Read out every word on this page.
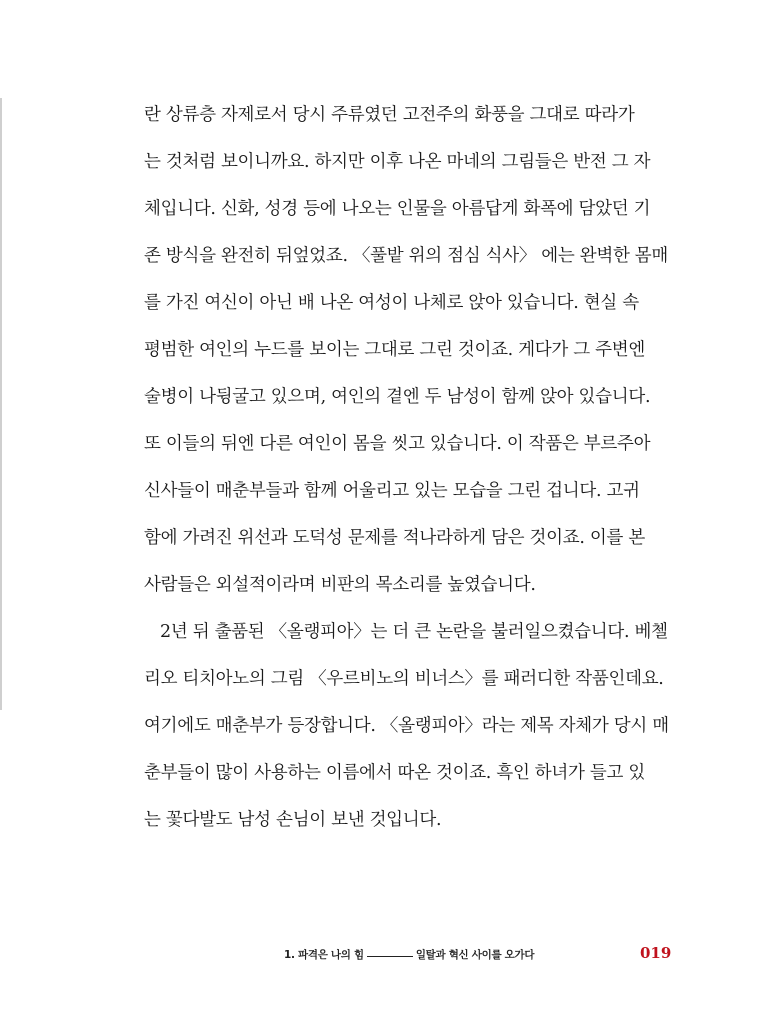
란 상류층 자제로서 당시 주류였던 고전주의 화풍을 그대로 따라가
는 것처럼 보이니까요. 하지만 이후 나온 마네의 그림들은 반전 그 자
체입니다. 신화, 성경 등에 나오는 인물을 아름답게 화폭에 담았던 기
존 방식을 완전히 뒤엎었죠. 〈풀밭 위의 점심 식사〉 에는 완벽한 몸매
를 가진 여신이 아닌 배 나온 여성이 나체로 앉아 있습니다. 현실 속
평범한 여인의 누드를 보이는 그대로 그린 것이죠. 게다가 그 주변엔
술병이 나뒹굴고 있으며, 여인의 곁엔 두 남성이 함께 앉아 있습니다.
또 이들의 뒤엔 다른 여인이 몸을 씻고 있습니다. 이 작품은 부르주아
신사들이 매춘부들과 함께 어울리고 있는 모습을 그린 겁니다. 고귀
함에 가려진 위선과 도덕성 문제를 적나라하게 담은 것이죠. 이를 본
사람들은 외설적이라며 비판의 목소리를 높였습니다.
2년 뒤 출품된 〈올랭피아〉는 더 큰 논란을 불러일으켰습니다. 베첼
리오 티치아노의 그림 〈우르비노의 비너스〉를 패러디한 작품인데요.
여기에도 매춘부가 등장합니다. 〈올랭피아〉라는 제목 자체가 당시 매
춘부들이 많이 사용하는 이름에서 따온 것이죠. 흑인 하녀가 들고 있
는 꽃다발도 남성 손님이 보낸 것입니다.
1. 파격은 나의 힘	일탈과 혁신 사이를 오가다	019
